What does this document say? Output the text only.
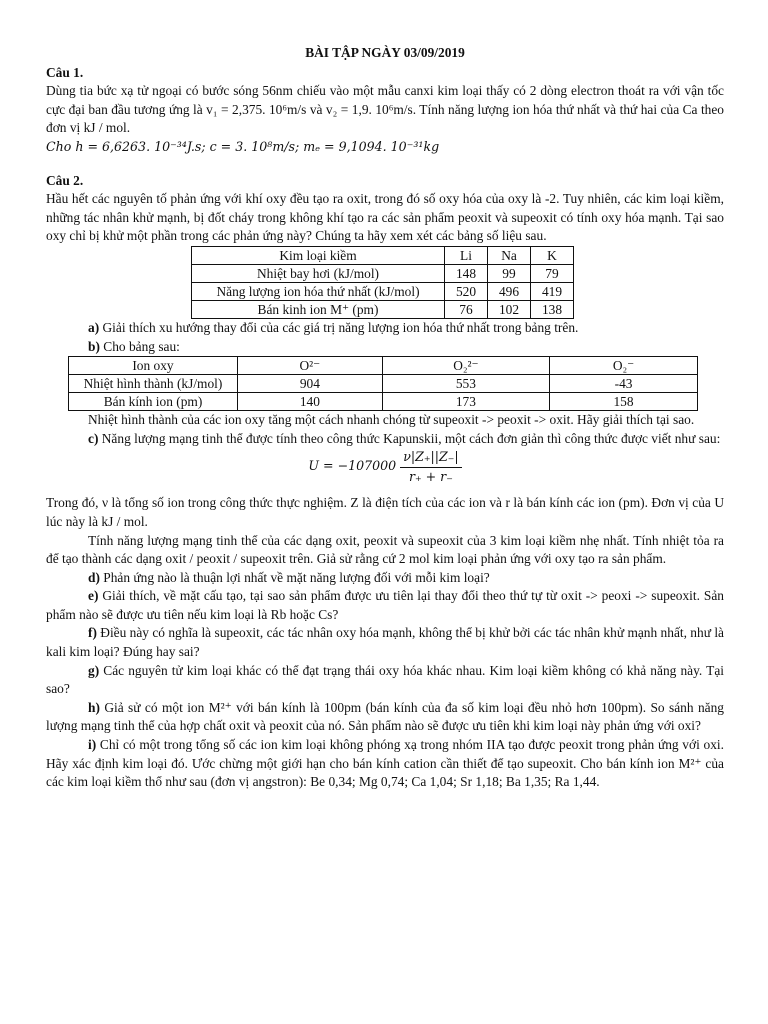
BÀI TẬP NGÀY 03/09/2019

Câu 1.

Dùng tia bức xạ tử ngoại có bước sóng 56nm chiếu vào một mẫu canxi kim loại thấy có 2 dòng electron thoát ra với vận tốc cực đại ban đầu tương ứng là v₁ = 2,375. 10⁶m/s và v₂ = 1,9. 10⁶m/s. Tính năng lượng ion hóa thứ nhất và thứ hai của Ca theo đơn vị kJ / mol.

Cho h = 6,6263. 10⁻³⁴J.s; c = 3. 10⁸m/s; mₑ = 9,1094. 10⁻³¹kg

Câu 2.

Hầu hết các nguyên tố phản ứng với khí oxy đều tạo ra oxit, trong đó số oxy hóa của oxy là -2. Tuy nhiên, các kim loại kiềm, những tác nhân khử mạnh, bị đốt cháy trong không khí tạo ra các sản phẩm peoxit và supeoxit có tính oxy hóa mạnh. Tại sao oxy chỉ bị khử một phần trong các phản ứng này? Chúng ta hãy xem xét các bảng số liệu sau.

Kim loại kiềm	Li	Na	K
Nhiệt bay hơi (kJ/mol)	148	99	79
Năng lượng ion hóa thứ nhất (kJ/mol)	520	496	419
Bán kinh ion M⁺ (pm)	76	102	138

a) Giải thích xu hướng thay đổi của các giá trị năng lượng ion hóa thứ nhất trong bảng trên.

b) Cho bảng sau:

Ion oxy	O²⁻	O₂²⁻	O₂⁻
Nhiệt hình thành (kJ/mol)	904	553	-43
Bán kính ion (pm)	140	173	158

Nhiệt hình thành của các ion oxy tăng một cách nhanh chóng từ supeoxit -> peoxit -> oxit. Hãy giải thích tại sao.

c) Năng lượng mạng tinh thể được tính theo công thức Kapunskii, một cách đơn giản thì công thức được viết như sau:

$U = -107000 \frac{\nu|Z_+||Z_-|}{r_+ + r_-}$

Trong đó, ν là tổng số ion trong công thức thực nghiệm. Z là điện tích của các ion và r là bán kính các ion (pm). Đơn vị của U lúc này là kJ / mol.

Tính năng lượng mạng tinh thể của các dạng oxit, peoxit và supeoxit của 3 kim loại kiềm nhẹ nhất. Tính nhiệt tỏa ra để tạo thành các dạng oxit / peoxit / supeoxit trên. Giả sử rằng cứ 2 mol kim loại phản ứng với oxy tạo ra sản phẩm.

d) Phản ứng nào là thuận lợi nhất về mặt năng lượng đối với mỗi kim loại?

e) Giải thích, về mặt cấu tạo, tại sao sản phẩm được ưu tiên lại thay đổi theo thứ tự từ oxit -> peoxi -> supeoxit. Sản phẩm nào sẽ được ưu tiên nếu kim loại là Rb hoặc Cs?

f) Điều này có nghĩa là supeoxit, các tác nhân oxy hóa mạnh, không thể bị khử bởi các tác nhân khử mạnh nhất, như là kali kim loại? Đúng hay sai?

g) Các nguyên tử kim loại khác có thể đạt trạng thái oxy hóa khác nhau. Kim loại kiềm không có khả năng này. Tại sao?

h) Giả sử có một ion M²⁺ với bán kính là 100pm (bán kính của đa số kim loại đều nhỏ hơn 100pm). So sánh năng lượng mạng tinh thể của hợp chất oxit và peoxit của nó. Sản phẩm nào sẽ được ưu tiên khi kim loại này phản ứng với oxi?

i) Chỉ có một trong tổng số các ion kim loại không phóng xạ trong nhóm IIA tạo được peoxit trong phản ứng với oxi. Hãy xác định kim loại đó. Ước chừng một giới hạn cho bán kính cation cần thiết để tạo supeoxit. Cho bán kính ion M²⁺ của các kim loại kiềm thổ như sau (đơn vị angstron): Be 0,34; Mg 0,74; Ca 1,04; Sr 1,18; Ba 1,35; Ra 1,44.
